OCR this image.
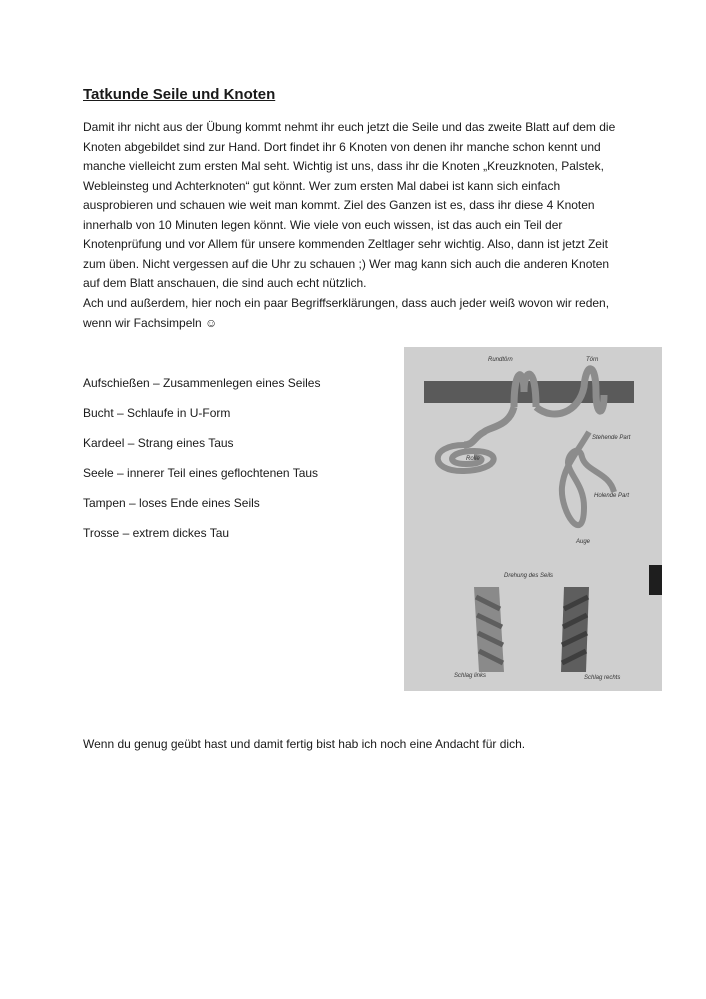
Tatkunde Seile und Knoten

Damit ihr nicht aus der Übung kommt nehmt ihr euch jetzt die Seile und das zweite Blatt auf dem die Knoten abgebildet sind zur Hand. Dort findet ihr 6 Knoten von denen ihr manche schon kennt und manche vielleicht zum ersten Mal seht. Wichtig ist uns, dass ihr die Knoten „Kreuzknoten, Palstek, Webleinsteg und Achterknoten“ gut könnt. Wer zum ersten Mal dabei ist kann sich einfach ausprobieren und schauen wie weit man kommt. Ziel des Ganzen ist es, dass ihr diese 4 Knoten innerhalb von 10 Minuten legen könnt. Wie viele von euch wissen, ist das auch ein Teil der Knotenprüfung und vor Allem für unsere kommenden Zeltlager sehr wichtig. Also, dann ist jetzt Zeit zum üben. Nicht vergessen auf die Uhr zu schauen ;) Wer mag kann sich auch die anderen Knoten auf dem Blatt anschauen, die sind auch echt nützlich.

Ach und außerdem, hier noch ein paar Begriffserklärungen, dass auch jeder weiß wovon wir reden, wenn wir Fachsimpeln ☺

Aufschießen – Zusammenlegen eines Seiles
Bucht – Schlaufe in U-Form
Kardeel – Strang eines Taus
Seele – innerer Teil eines geflochtenen Taus
Tampen – loses Ende eines Seils
Trosse – extrem dickes Tau
Rundtörn	Törn
Stehende Part
Rolle
Holende Part
Auge
Drehung des Seils
Schlag links	Schlag rechts

Wenn du genug geübt hast und damit fertig bist hab ich noch eine Andacht für dich.
